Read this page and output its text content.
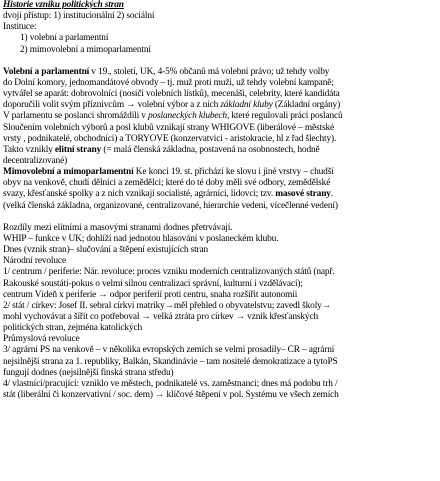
Historie vzniku politických stran
dvojí přístup: 1) institucionální 2) sociální
Instituce:
1) volební a parlamentní
2) mimovolební a mimoparlamentní
Volební a parlamentní v 19., století, UK, 4-5% občanů má volební právo; už tehdy volby
do Dolní komory, jednomandátové obvody – tj. muž proti muži, už tehdy volební kampaně;
vytvářel se aparát: dobrovolníci (nosiči volebních lístků), mecenáši, celebrity, které kandidáta
doporučili volit svým příznivcům → volební výbor a z nich základní kluby (Základní orgány)
V parlamentu se poslanci shromáždili v poslaneckých klubech, které regulovali práci poslanců
Sloučením volebních výborů a posl klubů vznikají strany WHIGOVÉ (liberálové – městské
vrsty , podnikatelé, obchodníci) a TORYOVÉ (konzervatvici - aristokracie, hl z řad šlechty).
Takto vznikly elitní strany (= malá členská základna, postavená na osobnostech, hodně
decentralizované)
Mimovolební a mimoparlamentní Ke konci 19. st. přichází ke slovu i jiné vrstvy – chudší
obyv na venkově, chudí dělníci a zemědělci; které do té doby měli své odbory, zemědělské
svazy, křesťanské spolky a z nich vznikají socialisté, agrárníci, lidovci; tzv. masové strany.
(velká členská základna, organizované, centralizované, hierarchie vedení, vícečlenné vedení)
Rozdíly mezi elitními a masovými stranami dodnes přetrvávají.
WHIP – funkce v UK; dohlíží nad jednotou hlasování v poslaneckém klubu.
Dnes (vznik stran)– slučování a štěpení existujících stran
Národní revoluce
1/ centrum / periferie: Nár. revoluce: proces vzniku moderních centralizovaných států (např.
Rakouské soustátí-pokus o velmi silnou centralizaci správní, kulturní i vzdělávací);
centrum Vídeň x periferie → odpor periferií proti centru, snaha rozšířit autonomii
2/ stát / církev: Josef II. sebral církvi matriky→měl přehled o obyvatelstvu; zavedl školy→
mohl vychovávat a šířit co potřeboval → velká ztráta pro církev → vznik křesťanských
politických stran, zejména katolických
Průmyslová revoluce
3/ agrární PS na venkově – v několika evropských zemích se velmi prosadily– ČR – agrární
nejsilnější strana za 1. republiky, Balkán, Skandinávie – tam nositelé demokratizace a tytoPS
fungují dodnes (nejsilnější finská strana středu)
4/ vlastníci/pracující: vzniklo ve městech, podnikatelé vs. zaměstnanci; dnes má podobu trh /
stát (liberální či konzervativní / soc. dem) → klíčové štěpení v pol. Systému ve všech zemích
